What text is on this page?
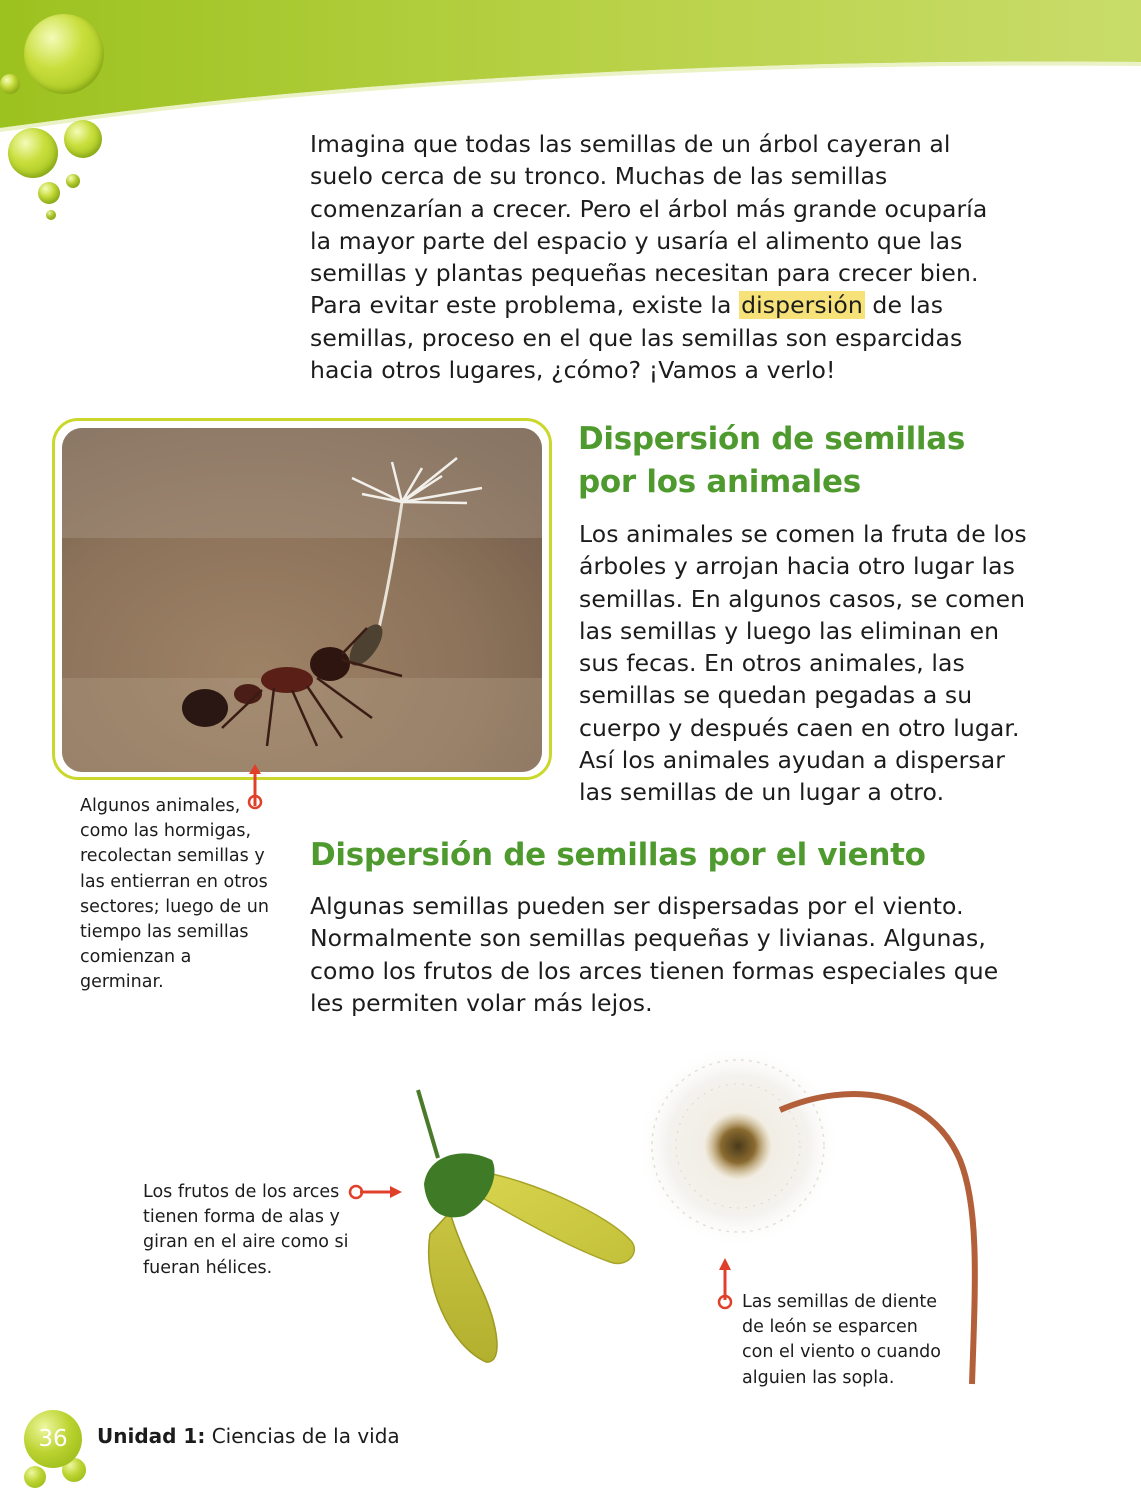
Imagina que todas las semillas de un árbol cayeran al suelo cerca de su tronco. Muchas de las semillas comenzarían a crecer. Pero el árbol más grande ocuparía la mayor parte del espacio y usaría el alimento que las semillas y plantas pequeñas necesitan para crecer bien. Para evitar este problema, existe la dispersión de las semillas, proceso en el que las semillas son esparcidas hacia otros lugares, ¿cómo? ¡Vamos a verlo!

Algunos animales, como las hormigas, recolectan semillas y las entierran en otros sectores; luego de un tiempo las semillas comienzan a germinar.

Dispersión de semillas por los animales

Los animales se comen la fruta de los árboles y arrojan hacia otro lugar las semillas. En algunos casos, se comen las semillas y luego las eliminan en sus fecas. En otros animales, las semillas se quedan pegadas a su cuerpo y después caen en otro lugar. Así los animales ayudan a dispersar las semillas de un lugar a otro.

Dispersión de semillas por el viento

Algunas semillas pueden ser dispersadas por el viento. Normalmente son semillas pequeñas y livianas. Algunas, como los frutos de los arces tienen formas especiales que les permiten volar más lejos.

Los frutos de los arces tienen forma de alas y giran en el aire como si fueran hélices.

Las semillas de diente de león se esparcen con el viento o cuando alguien las sopla.

36 Unidad 1: Ciencias de la vida
